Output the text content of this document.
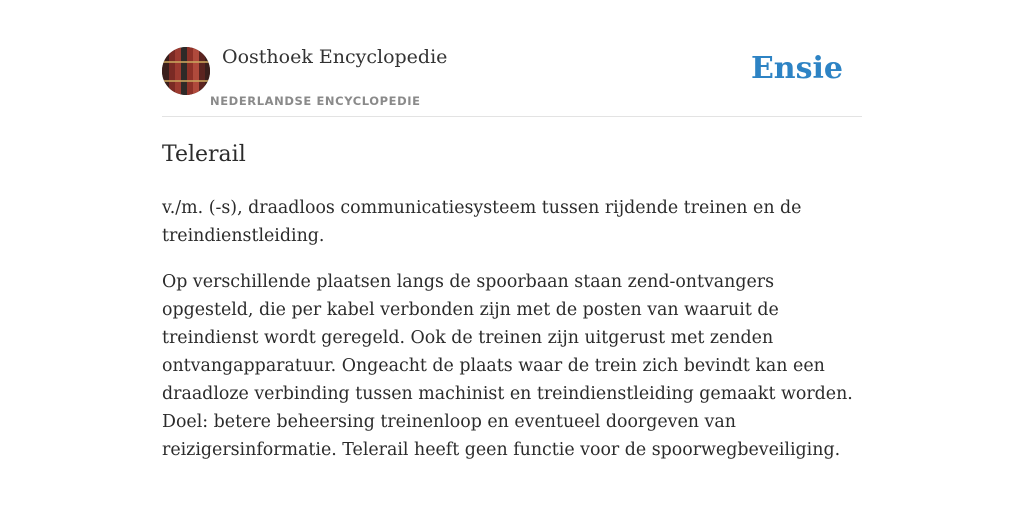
Oosthoek Encyclopedie
NEDERLANDSE ENCYCLOPEDIE
Ensie
Telerail

v./m. (-s), draadloos communicatiesysteem tussen rijdende treinen en de treindienstleiding.

Op verschillende plaatsen langs de spoorbaan staan zend-ontvangers opgesteld, die per kabel verbonden zijn met de posten van waaruit de treindienst wordt geregeld. Ook de treinen zijn uitgerust met zenden ontvangapparatuur. Ongeacht de plaats waar de trein zich bevindt kan een draadloze verbinding tussen machinist en treindienstleiding gemaakt worden. Doel: betere beheersing treinenloop en eventueel doorgeven van reizigersinformatie. Telerail heeft geen functie voor de spoorwegbeveiliging.
